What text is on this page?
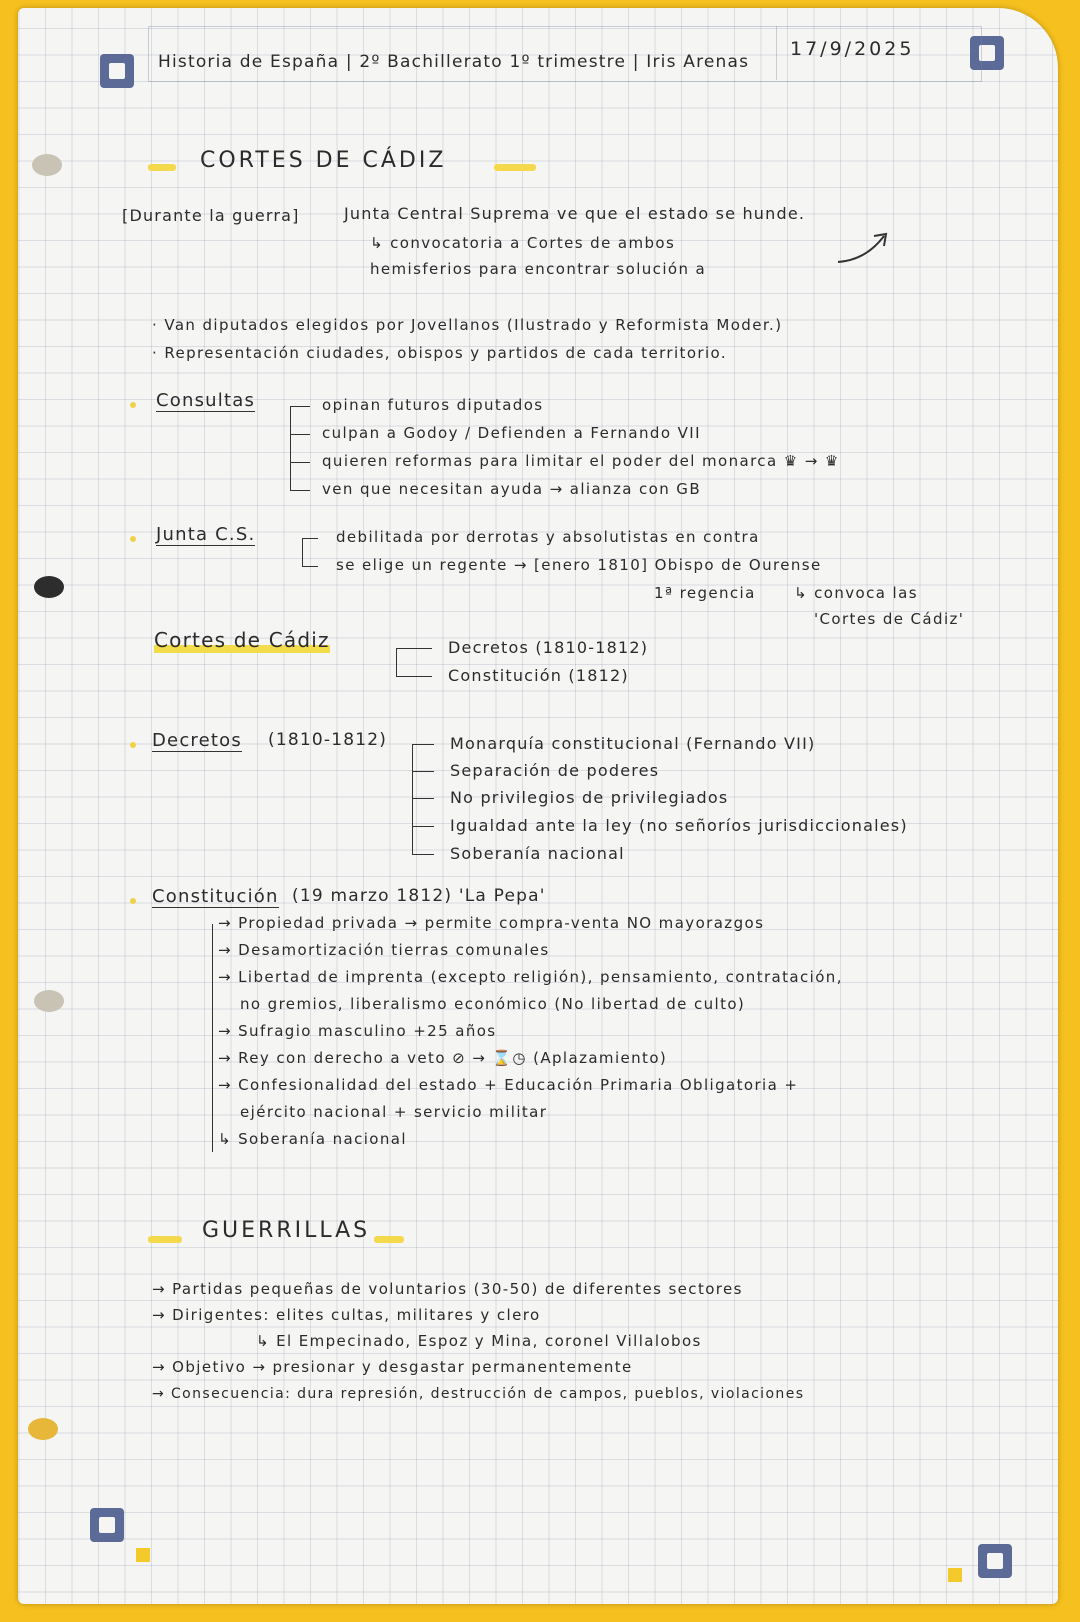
Historia de España | 2º Bachillerato 1º trimestre | Iris Arenas
17/9/2025
CORTES DE CÁDIZ
[Durante la guerra]	Junta Central Suprema ve que el estado se hunde.
↳ convocatoria a Cortes de ambos
hemisferios para encontrar solución a
· Van diputados elegidos por Jovellanos (Ilustrado y Reformista Moder.)
· Representación ciudades, obispos y partidos de cada territorio.
Consultas	opinan futuros diputados
culpan a Godoy / Defienden a Fernando VII
quieren reformas para limitar el poder del monarca ♛ → ♛
ven que necesitan ayuda → alianza con GB
Junta C.S.	debilitada por derrotas y absolutistas en contra
se elige un regente → [enero 1810] Obispo de Ourense
1ª regencia	↳ convoca las
'Cortes de Cádiz'
Cortes de Cádiz	Decretos (1810-1812)
Constitución (1812)
Decretos (1810-1812)	Monarquía constitucional (Fernando VII)
Separación de poderes
No privilegios de privilegiados
Igualdad ante la ley (no señoríos jurisdiccionales)
Soberanía nacional
Constitución (19 marzo 1812) 'La Pepa'
→ Propiedad privada → permite compra-venta NO mayorazgos
→ Desamortización tierras comunales
→ Libertad de imprenta (excepto religión), pensamiento, contratación,
no gremios, liberalismo económico (No libertad de culto)
→ Sufragio masculino +25 años
→ Rey con derecho a veto ⊘ → ⌛◷ (Aplazamiento)
→ Confesionalidad del estado + Educación Primaria Obligatoria +
ejército nacional + servicio militar
↳ Soberanía nacional
GUERRILLAS
→ Partidas pequeñas de voluntarios (30-50) de diferentes sectores
→ Dirigentes: elites cultas, militares y clero
↳ El Empecinado, Espoz y Mina, coronel Villalobos
→ Objetivo → presionar y desgastar permanentemente
→ Consecuencia: dura represión, destrucción de campos, pueblos, violaciones
